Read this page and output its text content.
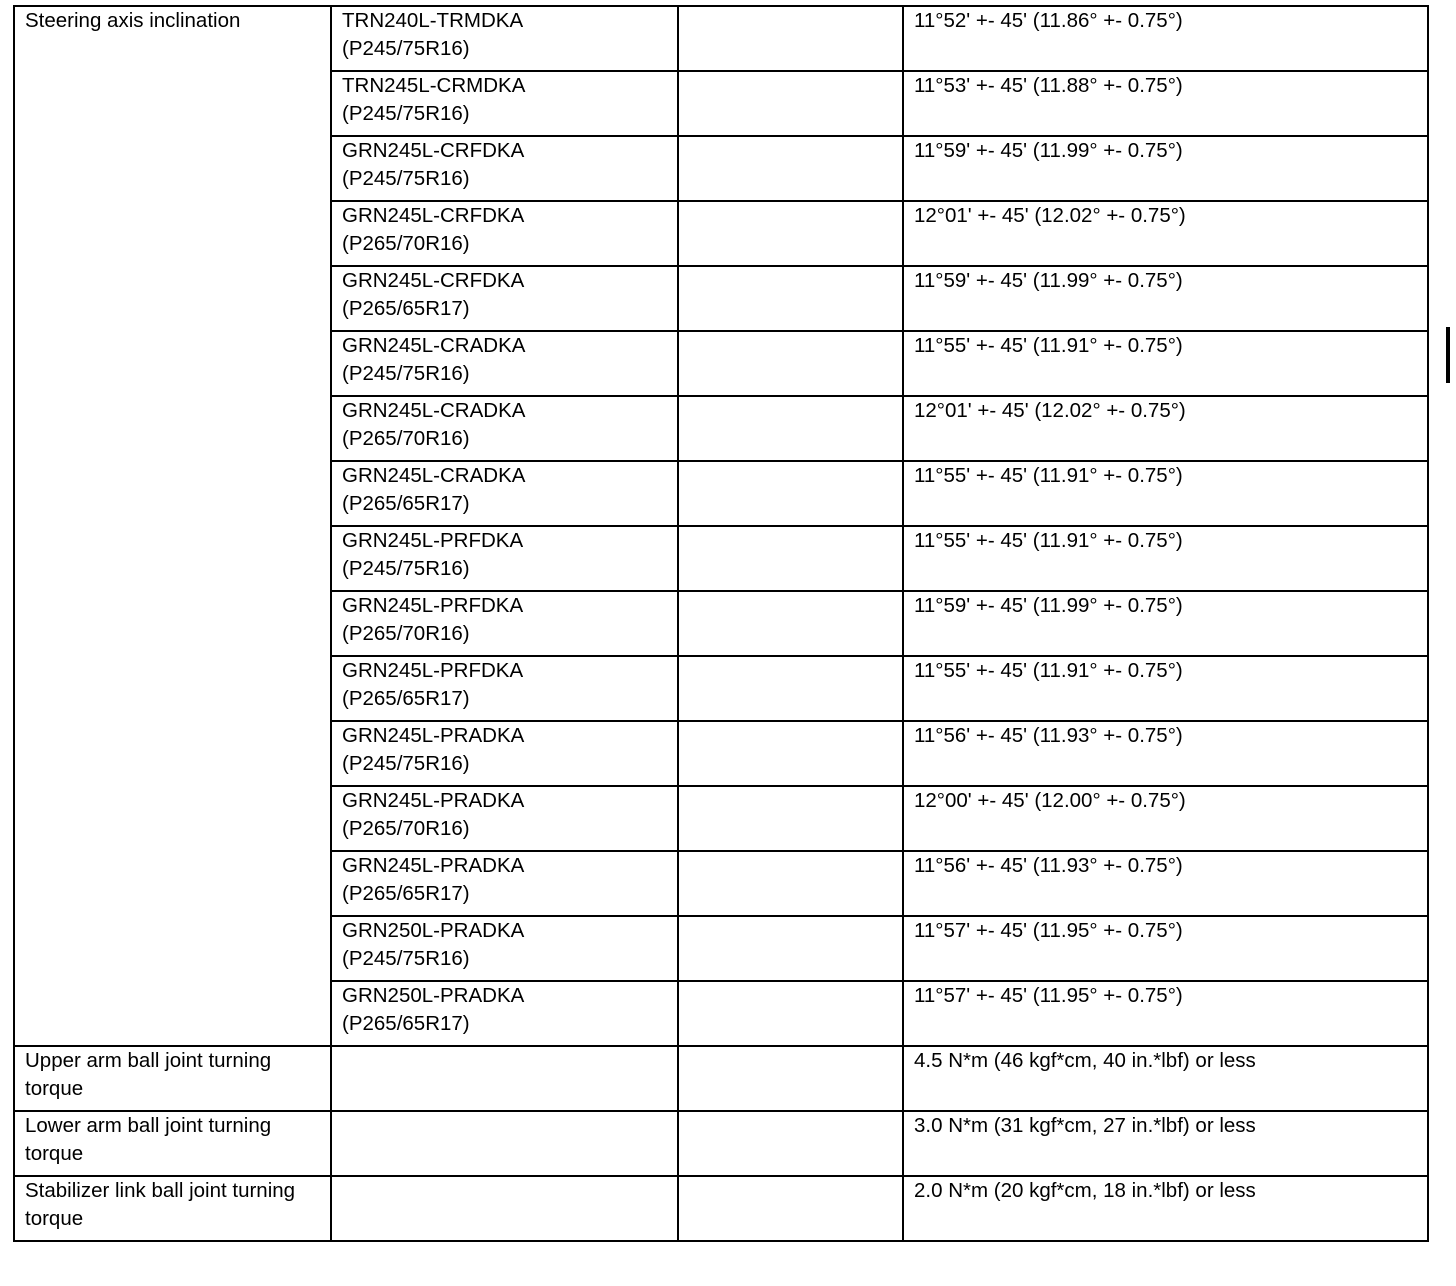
Steering axis inclination	TRN240L-TRMDKA
(P245/75R16)		11°52' +- 45' (11.86° +- 0.75°)

	TRN245L-CRMDKA
(P245/75R16)		11°53' +- 45' (11.88° +- 0.75°)

	GRN245L-CRFDKA
(P245/75R16)		11°59' +- 45' (11.99° +- 0.75°)

	GRN245L-CRFDKA
(P265/70R16)		12°01' +- 45' (12.02° +- 0.75°)

	GRN245L-CRFDKA
(P265/65R17)		11°59' +- 45' (11.99° +- 0.75°)

	GRN245L-CRADKA
(P245/75R16)		11°55' +- 45' (11.91° +- 0.75°)

	GRN245L-CRADKA
(P265/70R16)		12°01' +- 45' (12.02° +- 0.75°)

	GRN245L-CRADKA
(P265/65R17)		11°55' +- 45' (11.91° +- 0.75°)

	GRN245L-PRFDKA
(P245/75R16)		11°55' +- 45' (11.91° +- 0.75°)

	GRN245L-PRFDKA
(P265/70R16)		11°59' +- 45' (11.99° +- 0.75°)

	GRN245L-PRFDKA
(P265/65R17)		11°55' +- 45' (11.91° +- 0.75°)

	GRN245L-PRADKA
(P245/75R16)		11°56' +- 45' (11.93° +- 0.75°)

	GRN245L-PRADKA
(P265/70R16)		12°00' +- 45' (12.00° +- 0.75°)

	GRN245L-PRADKA
(P265/65R17)		11°56' +- 45' (11.93° +- 0.75°)

	GRN250L-PRADKA
(P245/75R16)		11°57' +- 45' (11.95° +- 0.75°)

	GRN250L-PRADKA
(P265/65R17)		11°57' +- 45' (11.95° +- 0.75°)
Upper arm ball joint turning torque			4.5 N*m (46 kgf*cm, 40 in.*lbf) or less
Lower arm ball joint turning torque			3.0 N*m (31 kgf*cm, 27 in.*lbf) or less
Stabilizer link ball joint turning torque			2.0 N*m (20 kgf*cm, 18 in.*lbf) or less
